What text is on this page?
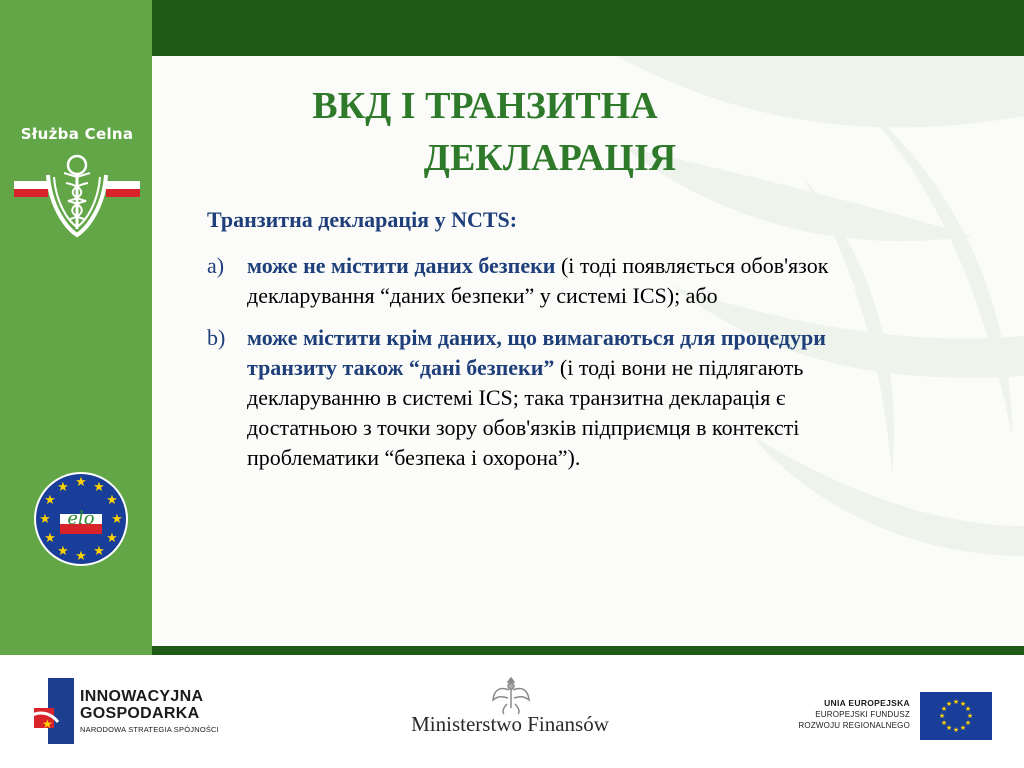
Służba Celna
★ ★
★
★
★
★
★
★
★
★
★
★
elo
ВКД І ТРАНЗИТНА
ДЕКЛАРАЦІЯ

Транзитна декларація у NCTS:

a) може не містити даних безпеки (і тоді появляється обов'язок декларування “даних безпеки” у системі ICS); або
b) може містити крім даних, що вимагаються для процедури транзиту також “дані безпеки” (і тоді вони не підлягають декларуванню в системі ICS; така транзитна декларація є достатньою з точки зору обов'язків підприємця в контексті проблематики “безпека і охорона”).
★
INNOWACYJNA
GOSPODARKA
NARODOWA STRATEGIA SPÓJNOŚCI	Ministerstwo Finansów
UNIA EUROPEJSKA
EUROPEJSKI FUNDUSZ
ROZWOJU REGIONALNEGO
★ ★
★
★
★
★
★
★
★
★
★
★
